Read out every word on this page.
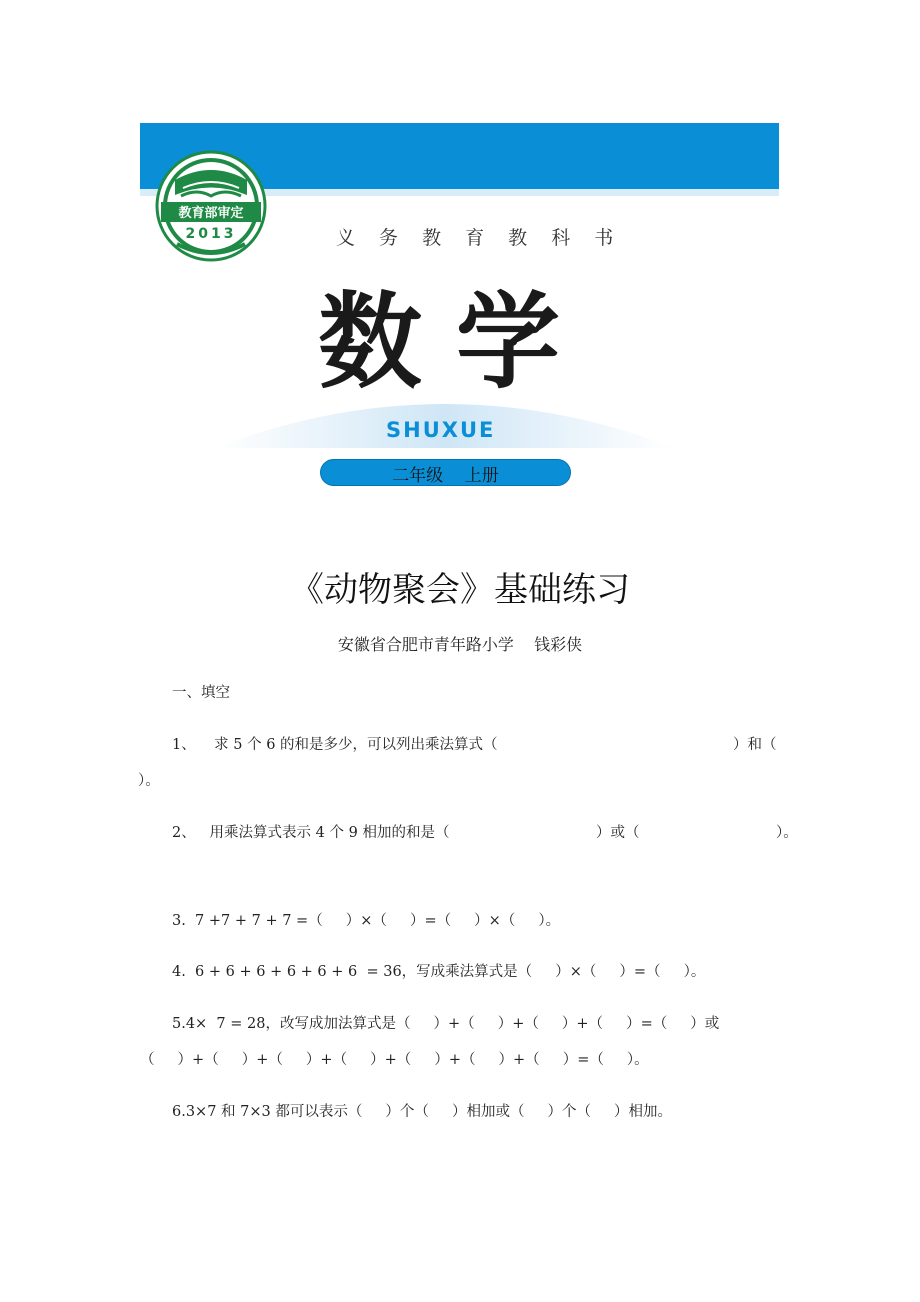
教育部审定
2013	义 务 教 育 教 科 书
数学
SHUXUE
二年级    上册
《动物聚会》基础练习
安徽省合肥市青年路小学    钱彩侠
一、填空
1、    求 5 个 6 的和是多少，可以列出乘法算式（	）和（
）。
2、   用乘法算式表示 4 个 9 相加的和是（	）或（	）。
3.  7 +7 + 7 + 7 =（     ）×（     ）=（     ）×（     ）。
4.  6 + 6 + 6 + 6 + 6 + 6  = 36，写成乘法算式是（     ）×（     ）=（     ）。
5.4×  7 = 28，改写成加法算式是（     ）+（     ）+（     ）+（     ）=（     ）或
（     ）+（     ）+（     ）+（     ）+（     ）+（     ）+（     ）=（     ）。
6.3×7 和 7×3 都可以表示（     ）个（     ）相加或（     ）个（     ）相加。
